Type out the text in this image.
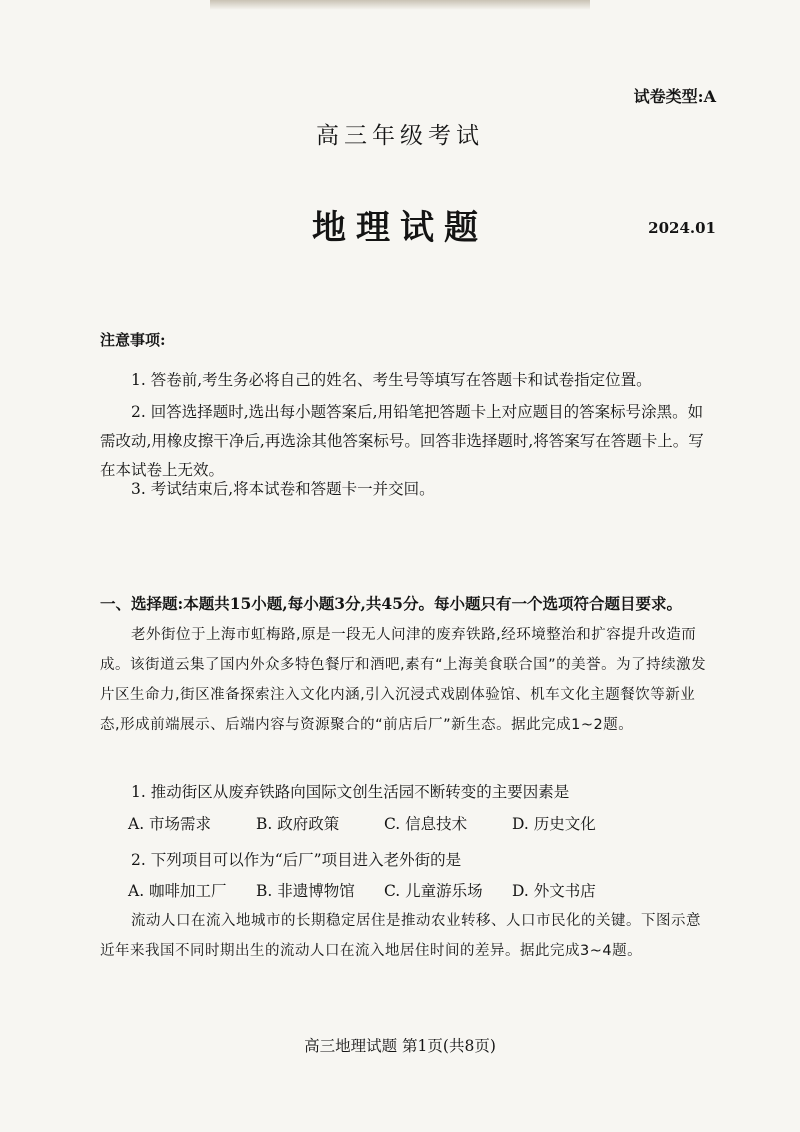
试卷类型:A
高三年级考试
地理试题	2024.01
注意事项:
1. 答卷前,考生务必将自己的姓名、考生号等填写在答题卡和试卷指定位置。
2. 回答选择题时,选出每小题答案后,用铅笔把答题卡上对应题目的答案标号涂黑。如需改动,用橡皮擦干净后,再选涂其他答案标号。回答非选择题时,将答案写在答题卡上。写在本试卷上无效。
3. 考试结束后,将本试卷和答题卡一并交回。
一、选择题:本题共15小题,每小题3分,共45分。每小题只有一个选项符合题目要求。
老外街位于上海市虹梅路,原是一段无人问津的废弃铁路,经环境整治和扩容提升改造而成。该街道云集了国内外众多特色餐厅和酒吧,素有“上海美食联合国”的美誉。为了持续激发片区生命力,街区准备探索注入文化内涵,引入沉浸式戏剧体验馆、机车文化主题餐饮等新业态,形成前端展示、后端内容与资源聚合的“前店后厂”新生态。据此完成1~2题。
1. 推动街区从废弃铁路向国际文创生活园不断转变的主要因素是
A. 市场需求	B. 政府政策	C. 信息技术	D. 历史文化
2. 下列项目可以作为“后厂”项目进入老外街的是
A. 咖啡加工厂 B. 非遗博物馆 C. 儿童游乐场 D. 外文书店
流动人口在流入地城市的长期稳定居住是推动农业转移、人口市民化的关键。下图示意近年来我国不同时期出生的流动人口在流入地居住时间的差异。据此完成3~4题。
高三地理试题 第1页(共8页)
